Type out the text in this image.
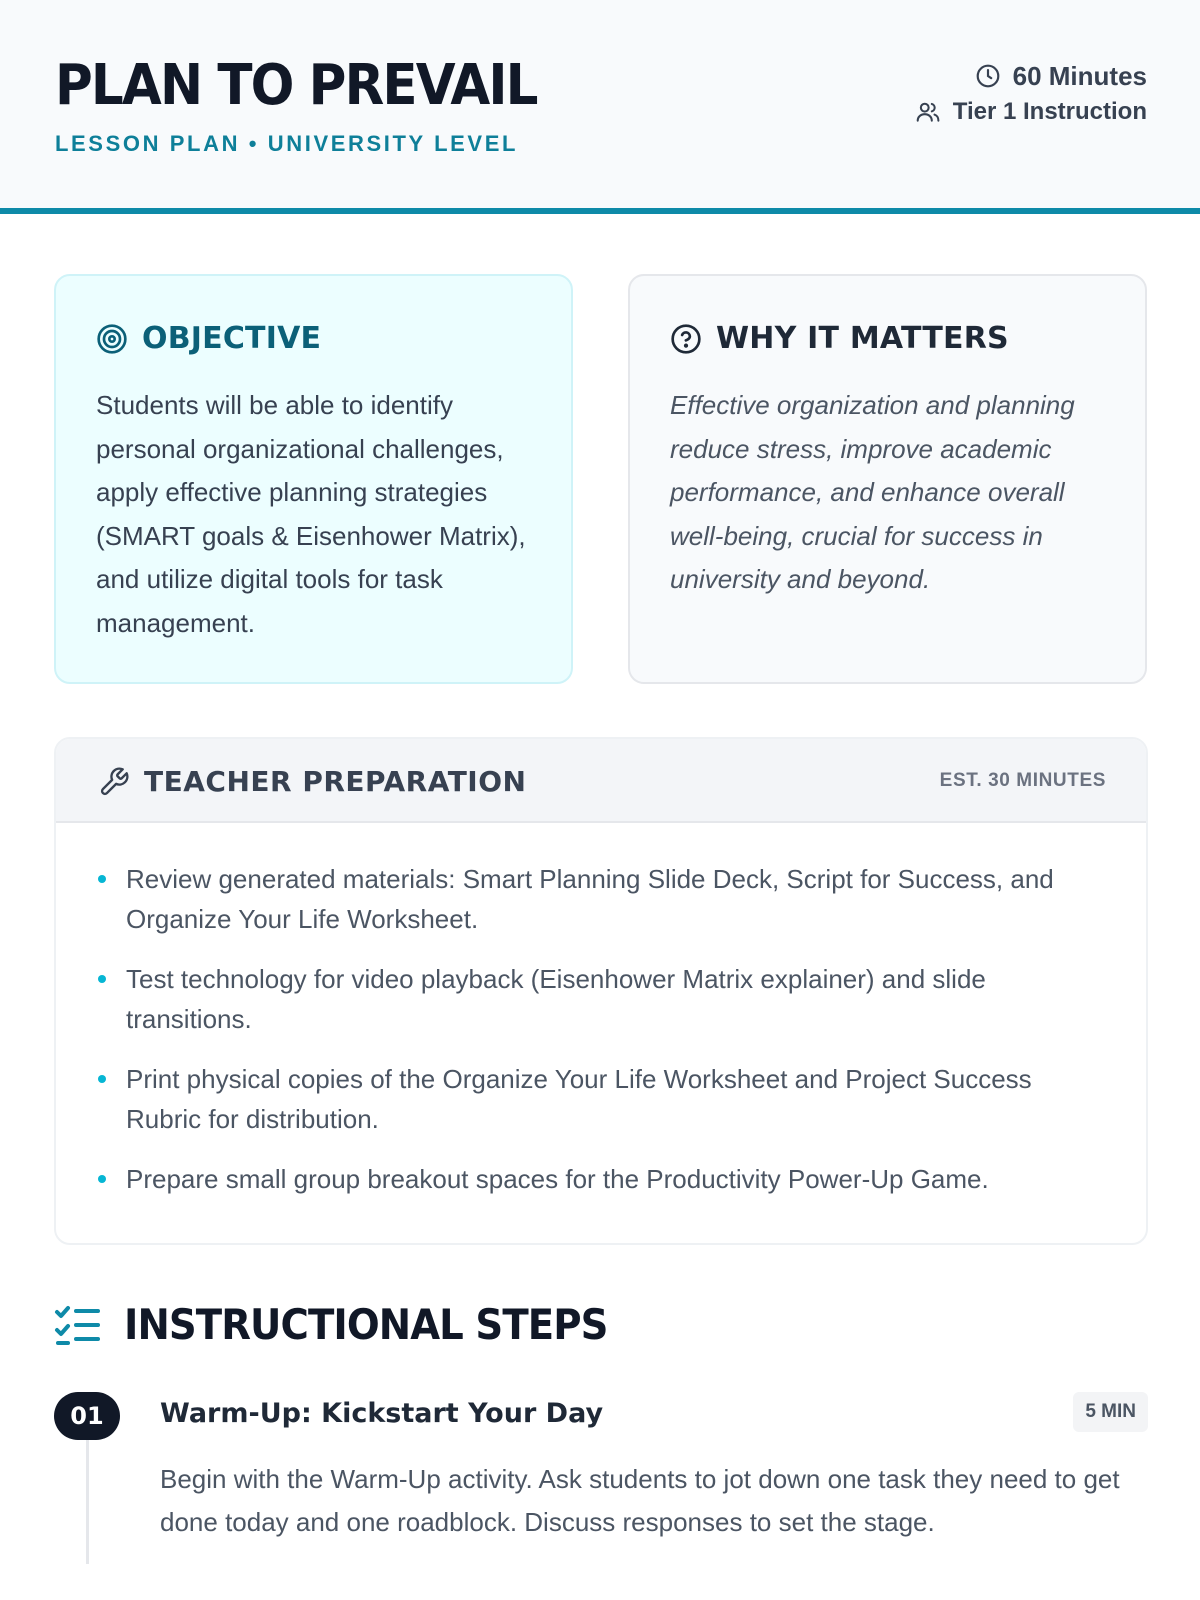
PLAN TO PREVAIL
LESSON PLAN • UNIVERSITY LEVEL
60 Minutes
Tier 1 Instruction
OBJECTIVE
Students will be able to identify personal organizational challenges, apply effective planning strategies (SMART goals & Eisenhower Matrix), and utilize digital tools for task management.
WHY IT MATTERS
Effective organization and planning reduce stress, improve academic performance, and enhance overall well-being, crucial for success in university and beyond.
TEACHER PREPARATION	EST. 30 MINUTES
Review generated materials: Smart Planning Slide Deck, Script for Success, and Organize Your Life Worksheet.
Test technology for video playback (Eisenhower Matrix explainer) and slide transitions.
Print physical copies of the Organize Your Life Worksheet and Project Success Rubric for distribution.
Prepare small group breakout spaces for the Productivity Power-Up Game.
INSTRUCTIONAL STEPS
01	Warm-Up: Kickstart Your Day	5 MIN
Begin with the Warm-Up activity. Ask students to jot down one task they need to get done today and one roadblock. Discuss responses to set the stage.
